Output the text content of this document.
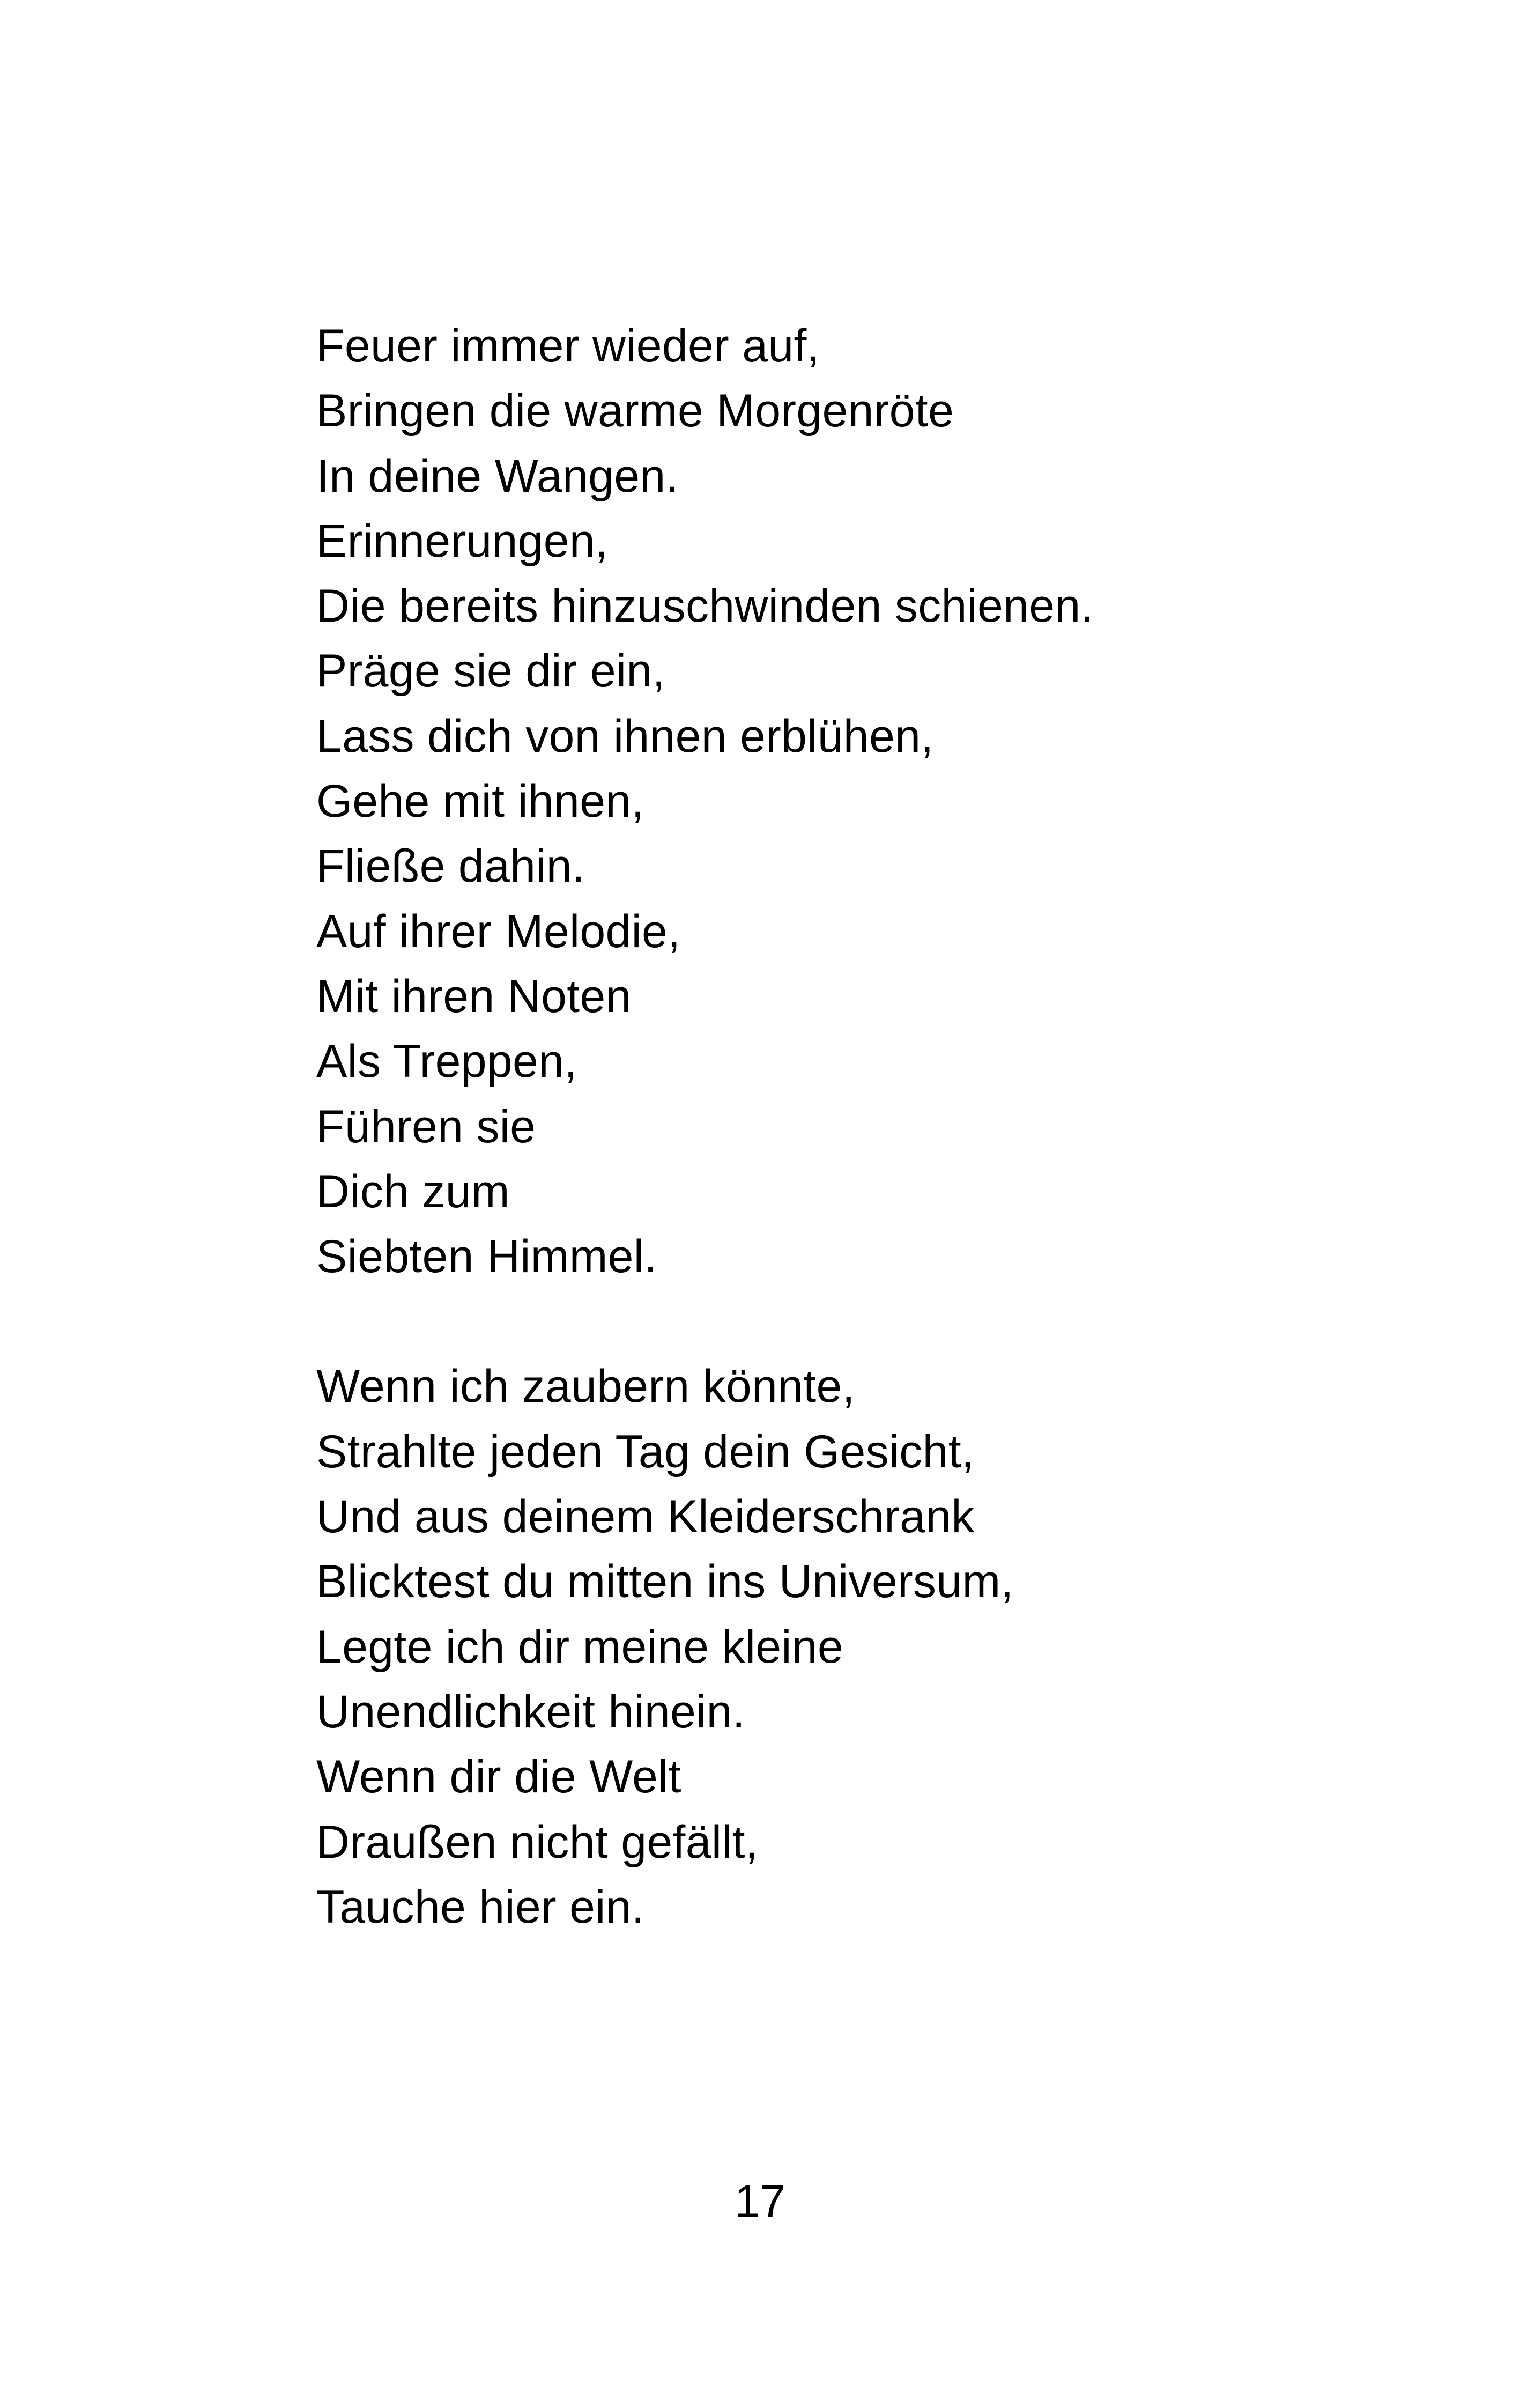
Feuer immer wieder auf,
Bringen die warme Morgenröte
In deine Wangen.
Erinnerungen,
Die bereits hinzuschwinden schienen.
Präge sie dir ein,
Lass dich von ihnen erblühen,
Gehe mit ihnen,
Fließe dahin.
Auf ihrer Melodie,
Mit ihren Noten
Als Treppen,
Führen sie
Dich zum
Siebten Himmel.

Wenn ich zaubern könnte,
Strahlte jeden Tag dein Gesicht,
Und aus deinem Kleiderschrank
Blicktest du mitten ins Universum,
Legte ich dir meine kleine
Unendlichkeit hinein.
Wenn dir die Welt
Draußen nicht gefällt,
Tauche hier ein.

17
